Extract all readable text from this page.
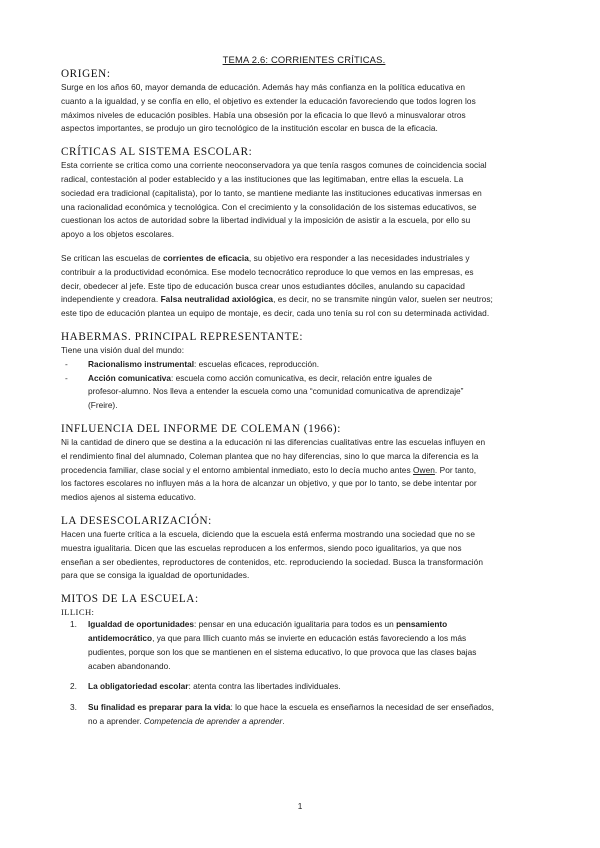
TEMA 2.6: CORRIENTES CRÍTICAS.
ORIGEN:

Surge en los años 60, mayor demanda de educación. Además hay más confianza en la política educativa en
cuanto a la igualdad, y se confía en ello, el objetivo es extender la educación favoreciendo que todos logren los
máximos niveles de educación posibles. Había una obsesión por la eficacia lo que llevó a minusvalorar otros
aspectos importantes, se produjo un giro tecnológico de la institución escolar en busca de la eficacia.

CRÍTICAS AL SISTEMA ESCOLAR:

Esta corriente se critica como una corriente neoconservadora ya que tenía rasgos comunes de coincidencia social
radical, contestación al poder establecido y a las instituciones que las legitimaban, entre ellas la escuela. La
sociedad era tradicional (capitalista), por lo tanto, se mantiene mediante las instituciones educativas inmersas en
una racionalidad económica y tecnológica. Con el crecimiento y la consolidación de los sistemas educativos, se
cuestionan los actos de autoridad sobre la libertad individual y la imposición de asistir a la escuela, por ello su
apoyo a los objetos escolares.

Se critican las escuelas de corrientes de eficacia, su objetivo era responder a las necesidades industriales y
contribuir a la productividad económica. Ese modelo tecnocrático reproduce lo que vemos en las empresas, es
decir, obedecer al jefe. Este tipo de educación busca crear unos estudiantes dóciles, anulando su capacidad
independiente y creadora. Falsa neutralidad axiológica, es decir, no se transmite ningún valor, suelen ser neutros;
este tipo de educación plantea un equipo de montaje, es decir, cada uno tenía su rol con su determinada actividad.

HABERMAS. PRINCIPAL REPRESENTANTE:

Tiene una visión dual del mundo:

- Racionalismo instrumental: escuelas eficaces, reproducción.
- Acción comunicativa: escuela como acción comunicativa, es decir, relación entre iguales de
profesor-alumno. Nos lleva a entender la escuela como una “comunidad comunicativa de aprendizaje”
(Freire).
INFLUENCIA DEL INFORME DE COLEMAN (1966):

Ni la cantidad de dinero que se destina a la educación ni las diferencias cualitativas entre las escuelas influyen en
el rendimiento final del alumnado, Coleman plantea que no hay diferencias, sino lo que marca la diferencia es la
procedencia familiar, clase social y el entorno ambiental inmediato, esto lo decía mucho antes Owen. Por tanto,
los factores escolares no influyen más a la hora de alcanzar un objetivo, y que por lo tanto, se debe intentar por
medios ajenos al sistema educativo.

LA DESESCOLARIZACIÓN:

Hacen una fuerte crítica a la escuela, diciendo que la escuela está enferma mostrando una sociedad que no se
muestra igualitaria. Dicen que las escuelas reproducen a los enfermos, siendo poco igualitarios, ya que nos
enseñan a ser obedientes, reproductores de contenidos, etc. reproduciendo la sociedad. Busca la transformación
para que se consiga la igualdad de oportunidades.

MITOS DE LA ESCUELA:
ILLICH:
1. Igualdad de oportunidades: pensar en una educación igualitaria para todos es un pensamiento
antidemocrático, ya que para Illich cuanto más se invierte en educación estás favoreciendo a los más
pudientes, porque son los que se mantienen en el sistema educativo, lo que provoca que las clases bajas
acaben abandonando.
2. La obligatoriedad escolar: atenta contra las libertades individuales.
3. Su finalidad es preparar para la vida: lo que hace la escuela es enseñarnos la necesidad de ser enseñados,
no a aprender. Competencia de aprender a aprender.
1
